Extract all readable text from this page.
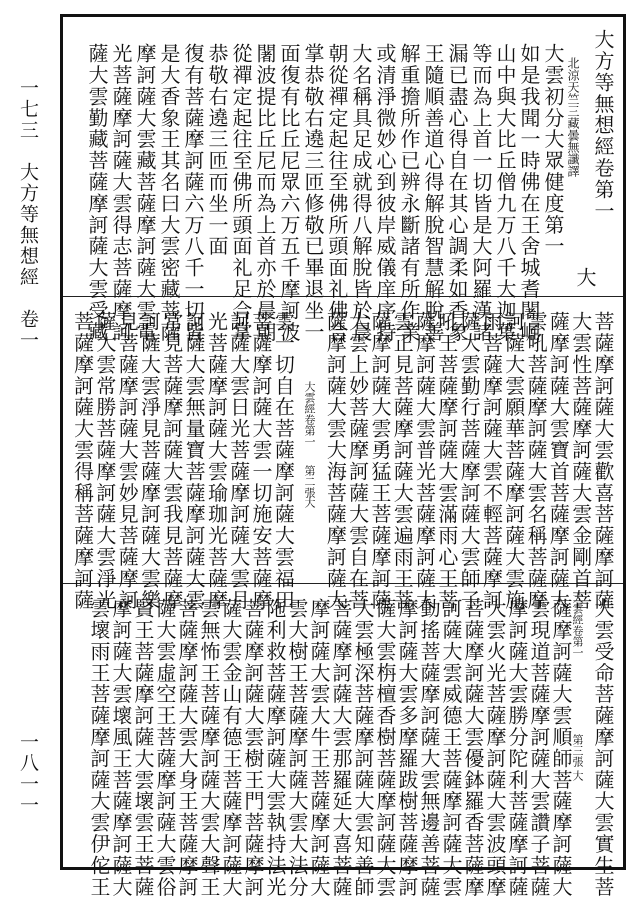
一七三　大方等無想經　卷一
一八一一
大方等無想經卷第一
北涼天竺三藏曇無讖譯
大
大雲初分大眾健度第一
如是我聞一時佛在王舍城耆闍崛
山中與大比丘僧九万八千大迦葉
等而為上首一切皆是大阿羅漢諸
漏已盡心得自在其心調柔如香象
王隨順善道心得解脫智慧解脫善
解重擔所作已辨永斷諸有所作業
或清淨微妙心到彼岸威儀庠序持
大名稱具足成就得八解脫皆於晨
朝從禪定起往至佛所頭面礼佛合
掌恭敬右遶三匝修敬已畢退坐一
面復有比丘尼眾六万五千摩訶波
闍波提比丘尼而為上首亦於晨朝
從禪定起往至佛所頭面礼足合掌
恭敬右遶三匝而坐一面
復有菩薩摩訶薩六万八千一切皆
是大香象王其名曰大雲密藏菩薩
摩訶薩大雲藏菩薩摩訶薩大雲電
光菩薩摩訶薩大雲得志菩薩摩訶
薩大雲勤藏菩薩摩訶薩大雲受藏
菩薩摩訶薩大雲歡喜菩薩摩訶薩
大雲性菩薩摩訶薩大雲金剛首菩
薩摩訶薩大雲寶首菩薩摩訶薩大
雲吼菩薩摩訶薩大雲名稱菩薩摩
訶薩大雲願華菩薩摩訶薩大雲施
雨菩薩摩訶薩大雲不輕菩薩摩訶
薩大雲勤行菩薩摩訶薩大雲師子
吼王菩薩摩訶薩大雲滿雨心王菩
薩摩訶薩大雲普光菩薩摩訶薩大
雲正見菩薩摩訶薩大雲遍雨王菩
薩摩訶薩大雲勇猛王菩薩摩訶薩
大雲上妙菩薩摩訶薩大雲自在菩
薩摩訶薩大雲大海菩薩摩訶薩大
大雲經卷第一
第二張
大
雲一切自在菩薩摩訶薩大雲福田
菩薩摩訶薩大雲一切施安菩薩摩
訶薩大雲日光菩薩摩訶薩大雲月
光菩薩摩訶薩大雲瑜珈光菩薩摩
訶薩大雲無量寶菩薩摩訶薩大雲
常見菩薩摩訶薩大雲我見菩薩摩
訶薩大雲淨見菩薩摩訶薩大雲樂
見菩薩摩訶薩大雲妙見菩薩摩訶
薩大雲常勝菩薩摩訶薩大雲淨光
菩薩摩訶薩大雲得稱菩薩摩訶薩
大雲經卷第一
第三張
大 大雲受命菩薩摩訶薩大雲實生菩
薩摩訶薩大雲順師菩薩摩訶薩大
雲現道菩薩摩訶薩大雲讚子菩薩
摩訶薩大雲勝分陀利菩薩摩訶薩
大雲火光菩薩摩訶薩大雲波頭摩
菩薩摩訶薩大雲優鉢羅香菩薩摩
訶薩大雲威德王菩薩摩訶薩大雲
動搖菩薩摩訶薩大雲無邊善菩薩
摩訶薩大雲多摩羅跋樹菩薩摩訶
薩大雲栴檀香樹菩薩摩訶薩大雲
大雲極深菩薩摩訶薩大雲知善師
菩薩摩訶薩大雲那羅延大喜菩薩
摩訶薩大雲大牛王菩薩摩訶薩大
雲大樹王菩薩摩訶薩大雲大法分
陁利救菩薩摩訶薩大雲執持法光
菩薩摩訶薩大雲樹王門菩薩摩訶
薩大雲金山有德王菩薩摩訶薩大
雲無怖王菩薩摩訶薩大雲大聲王
菩薩摩訶薩大雲大身王菩薩摩訶
薩大雲虛空王菩薩摩訶薩大雲俗
賢王菩薩摩訶薩大雲壞雲王菩薩
摩訶薩大雲壞風王菩薩摩訶薩大
雲壞雨王菩薩摩訶薩大雲伊佗王
